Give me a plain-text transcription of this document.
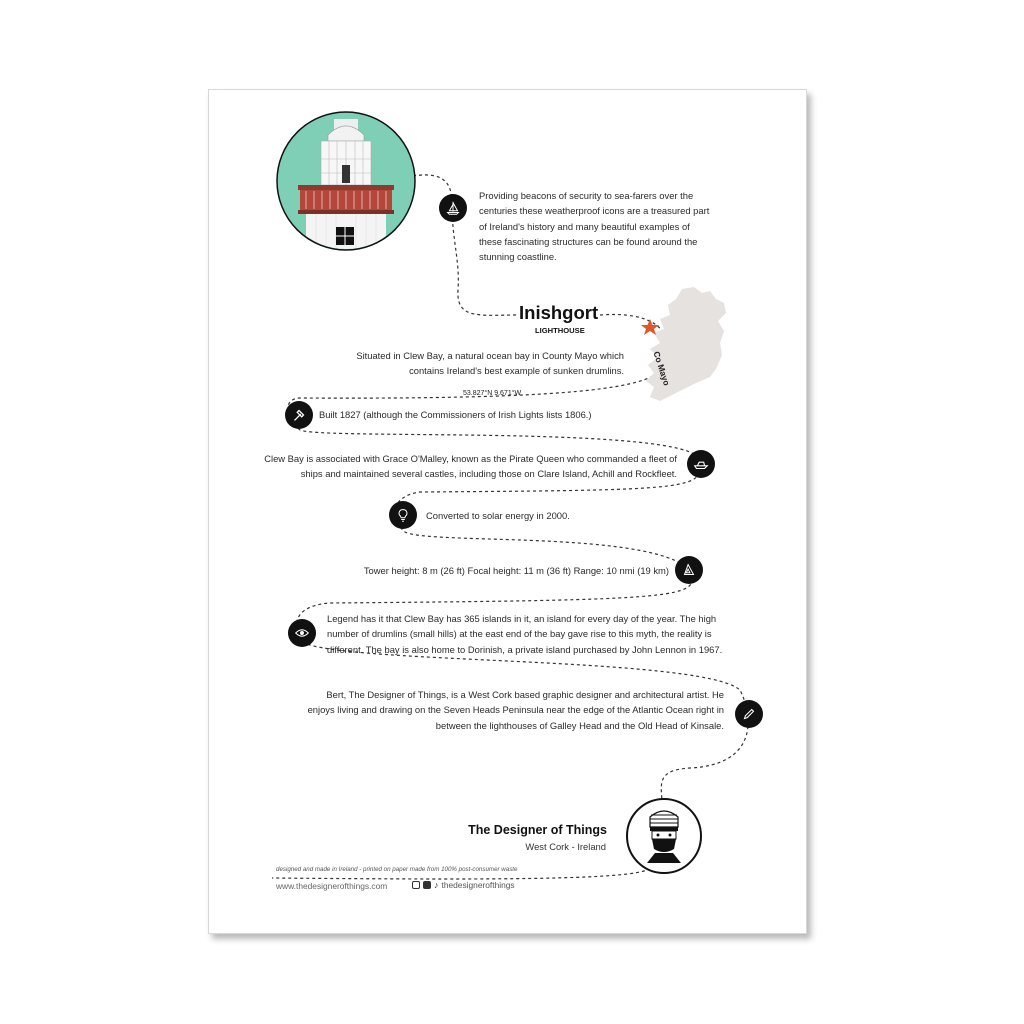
Providing beacons of security to sea-farers over the centuries these weatherproof icons are a treasured part of Ireland's history and many beautiful examples of these fascinating structures can be found around the stunning coastline.
Inishgort
LIGHTHOUSE
Co Mayo
Situated in Clew Bay, a natural ocean bay in County Mayo which contains Ireland's best example of sunken drumlins.
53.827°N 9.671°W
Built 1827 (although the Commissioners of Irish Lights lists 1806.)
Clew Bay is associated with Grace O'Malley, known as the Pirate Queen who commanded a fleet of ships and maintained several castles, including those on Clare Island, Achill and Rockfleet.
Converted to solar energy in 2000.
Tower height: 8 m (26 ft) Focal height: 11 m (36 ft) Range: 10 nmi (19 km)
Legend has it that Clew Bay has 365 islands in it, an island for every day of the year. The high number of drumlins (small hills) at the east end of the bay gave rise to this myth, the reality is different. The bay is also home to Dorinish, a private island purchased by John Lennon in 1967.
Bert, The Designer of Things, is a West Cork based graphic designer and architectural artist. He enjoys living and drawing on the Seven Heads Peninsula near the edge of the Atlantic Ocean right in between the lighthouses of Galley Head and the Old Head of Kinsale.
The Designer of Things
West Cork - Ireland
designed and made in Ireland - printed on paper made from 100% post-consumer waste
www.thedesignerofthings.com	♪ thedesignerofthings
